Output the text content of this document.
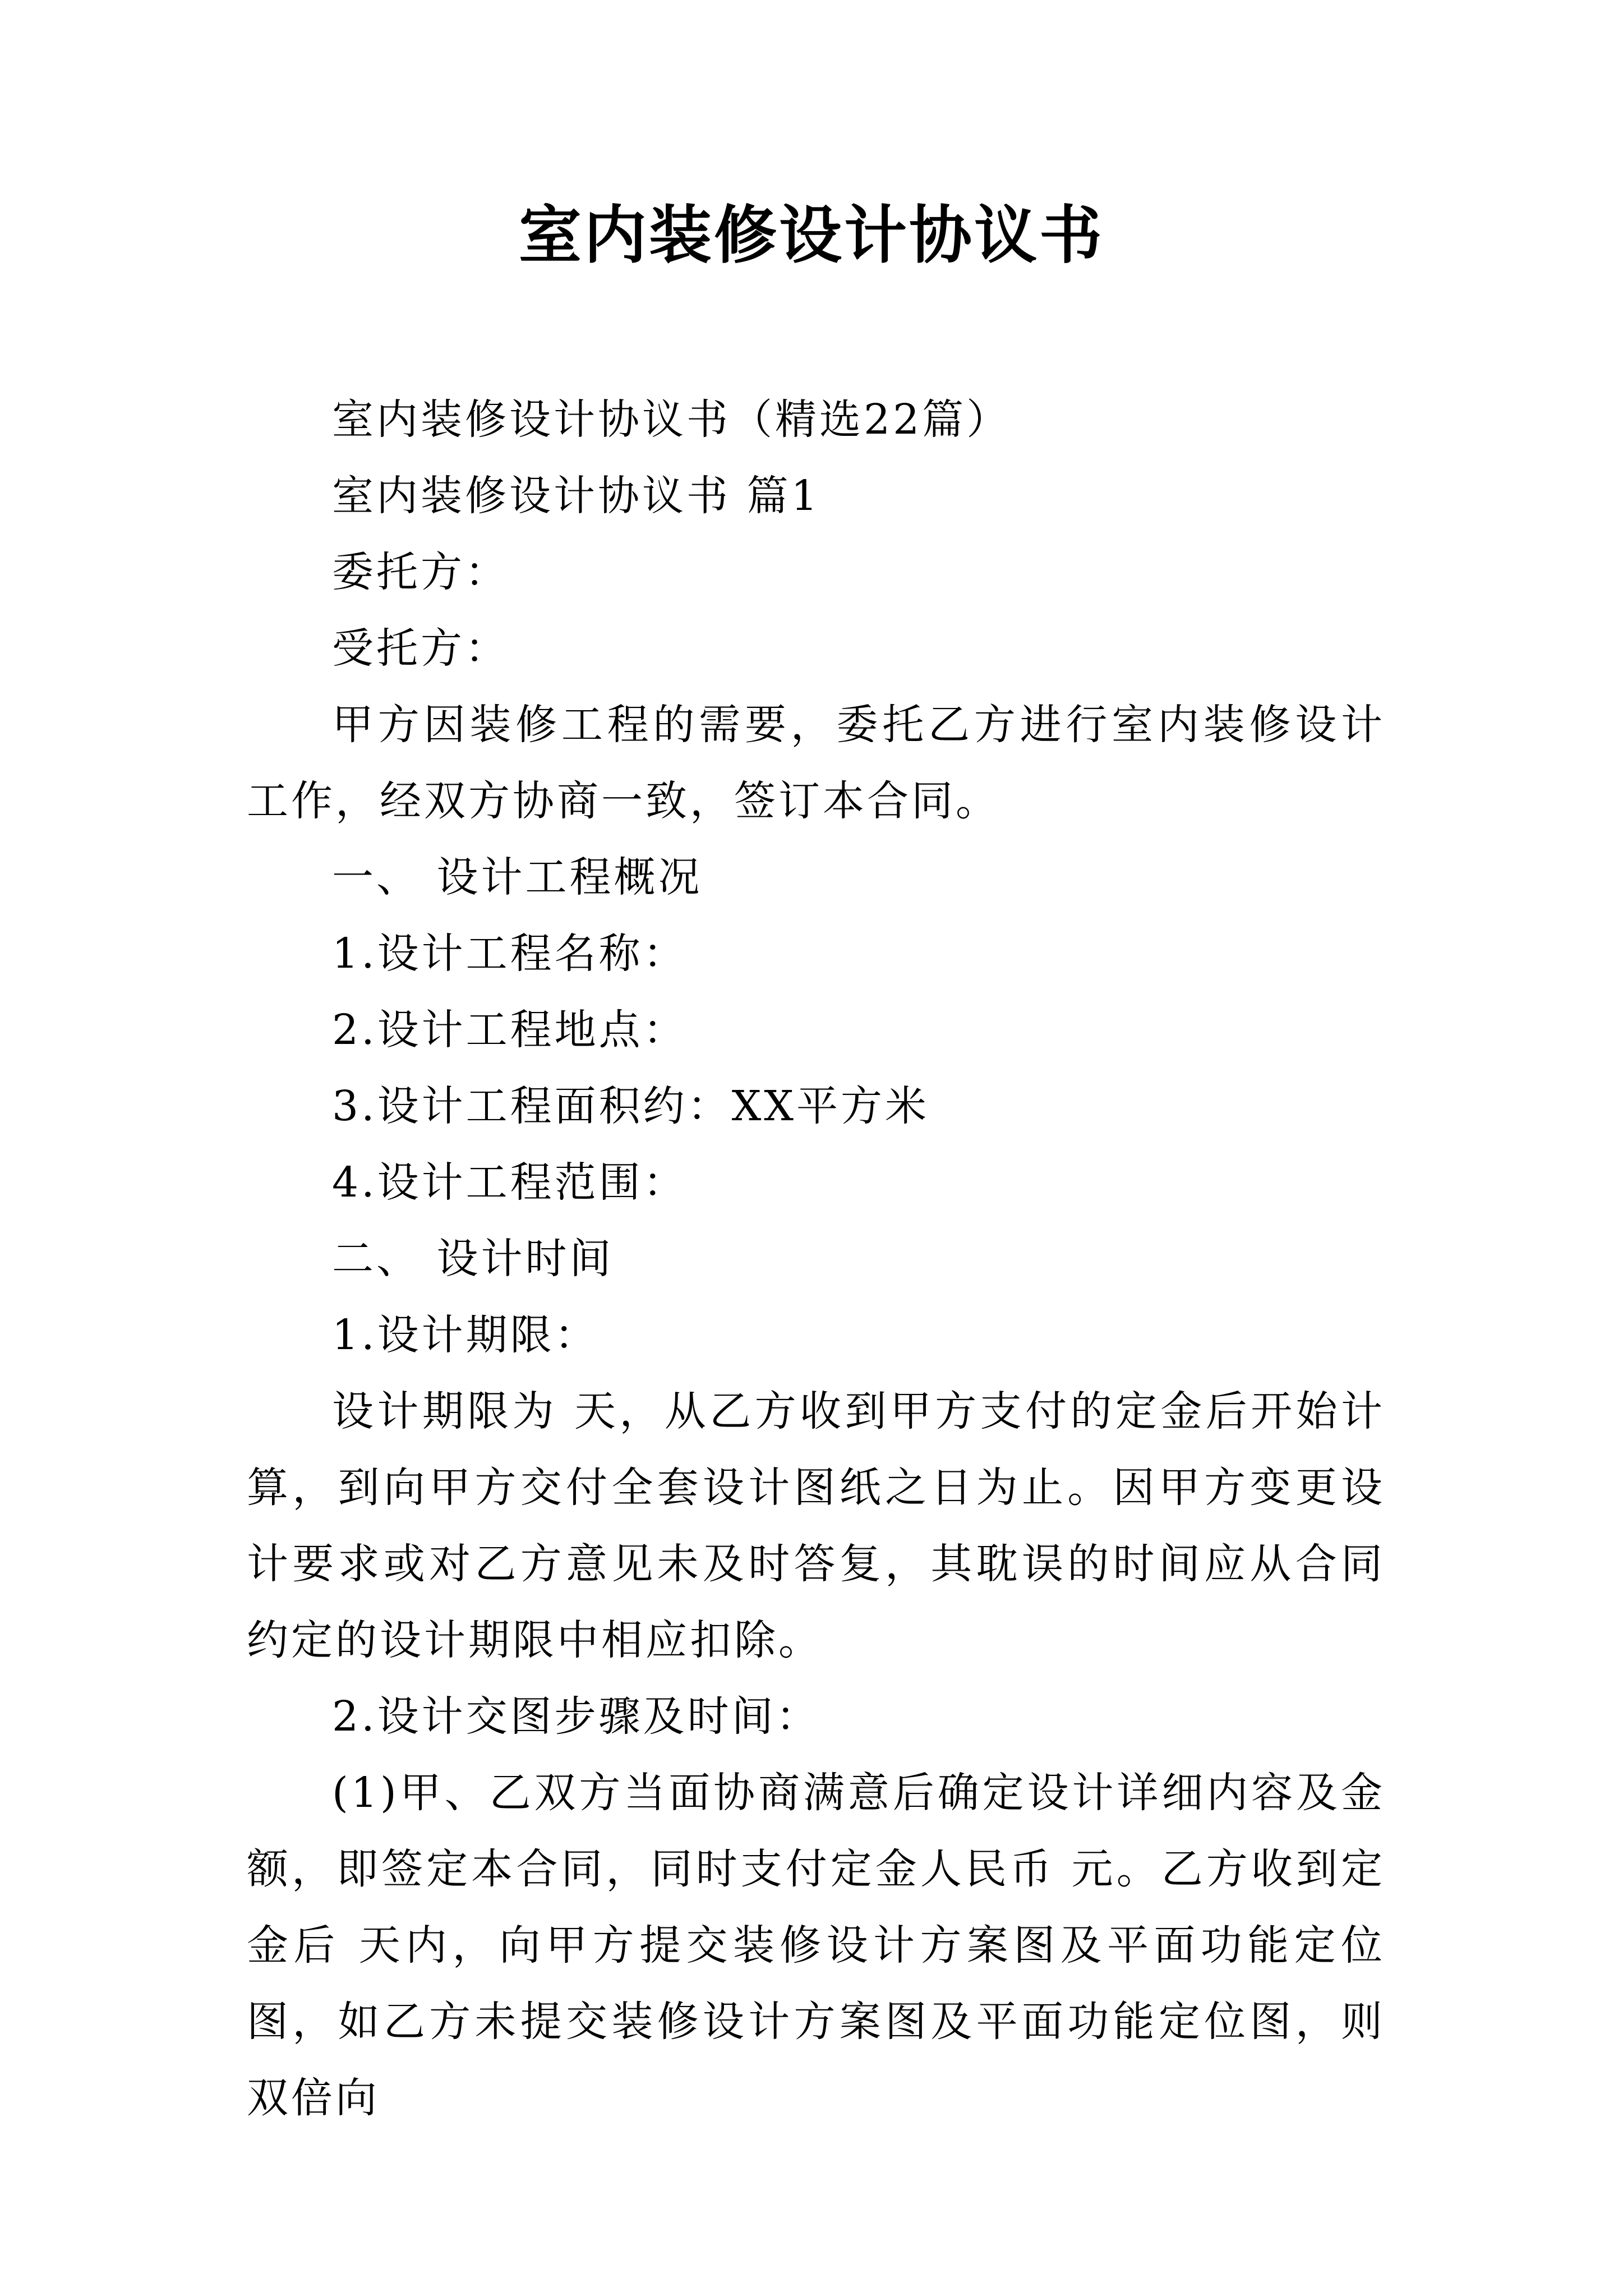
室内装修设计协议书

室内装修设计协议书（精选22篇）

室内装修设计协议书 篇1

委托方：

受托方：

甲方因装修工程的需要，委托乙方进行室内装修设计工作，经双方协商一致，签订本合同。

一、 设计工程概况

1.设计工程名称：

2.设计工程地点：

3.设计工程面积约：XX平方米

4.设计工程范围：

二、 设计时间

1.设计期限：

设计期限为 天，从乙方收到甲方支付的定金后开始计算，到向甲方交付全套设计图纸之日为止。因甲方变更设计要求或对乙方意见未及时答复，其耽误的时间应从合同约定的设计期限中相应扣除。

2.设计交图步骤及时间：

(1)甲、乙双方当面协商满意后确定设计详细内容及金额，即签定本合同，同时支付定金人民币 元。乙方收到定金后 天内，向甲方提交装修设计方案图及平面功能定位图，如乙方未提交装修设计方案图及平面功能定位图，则双倍向
